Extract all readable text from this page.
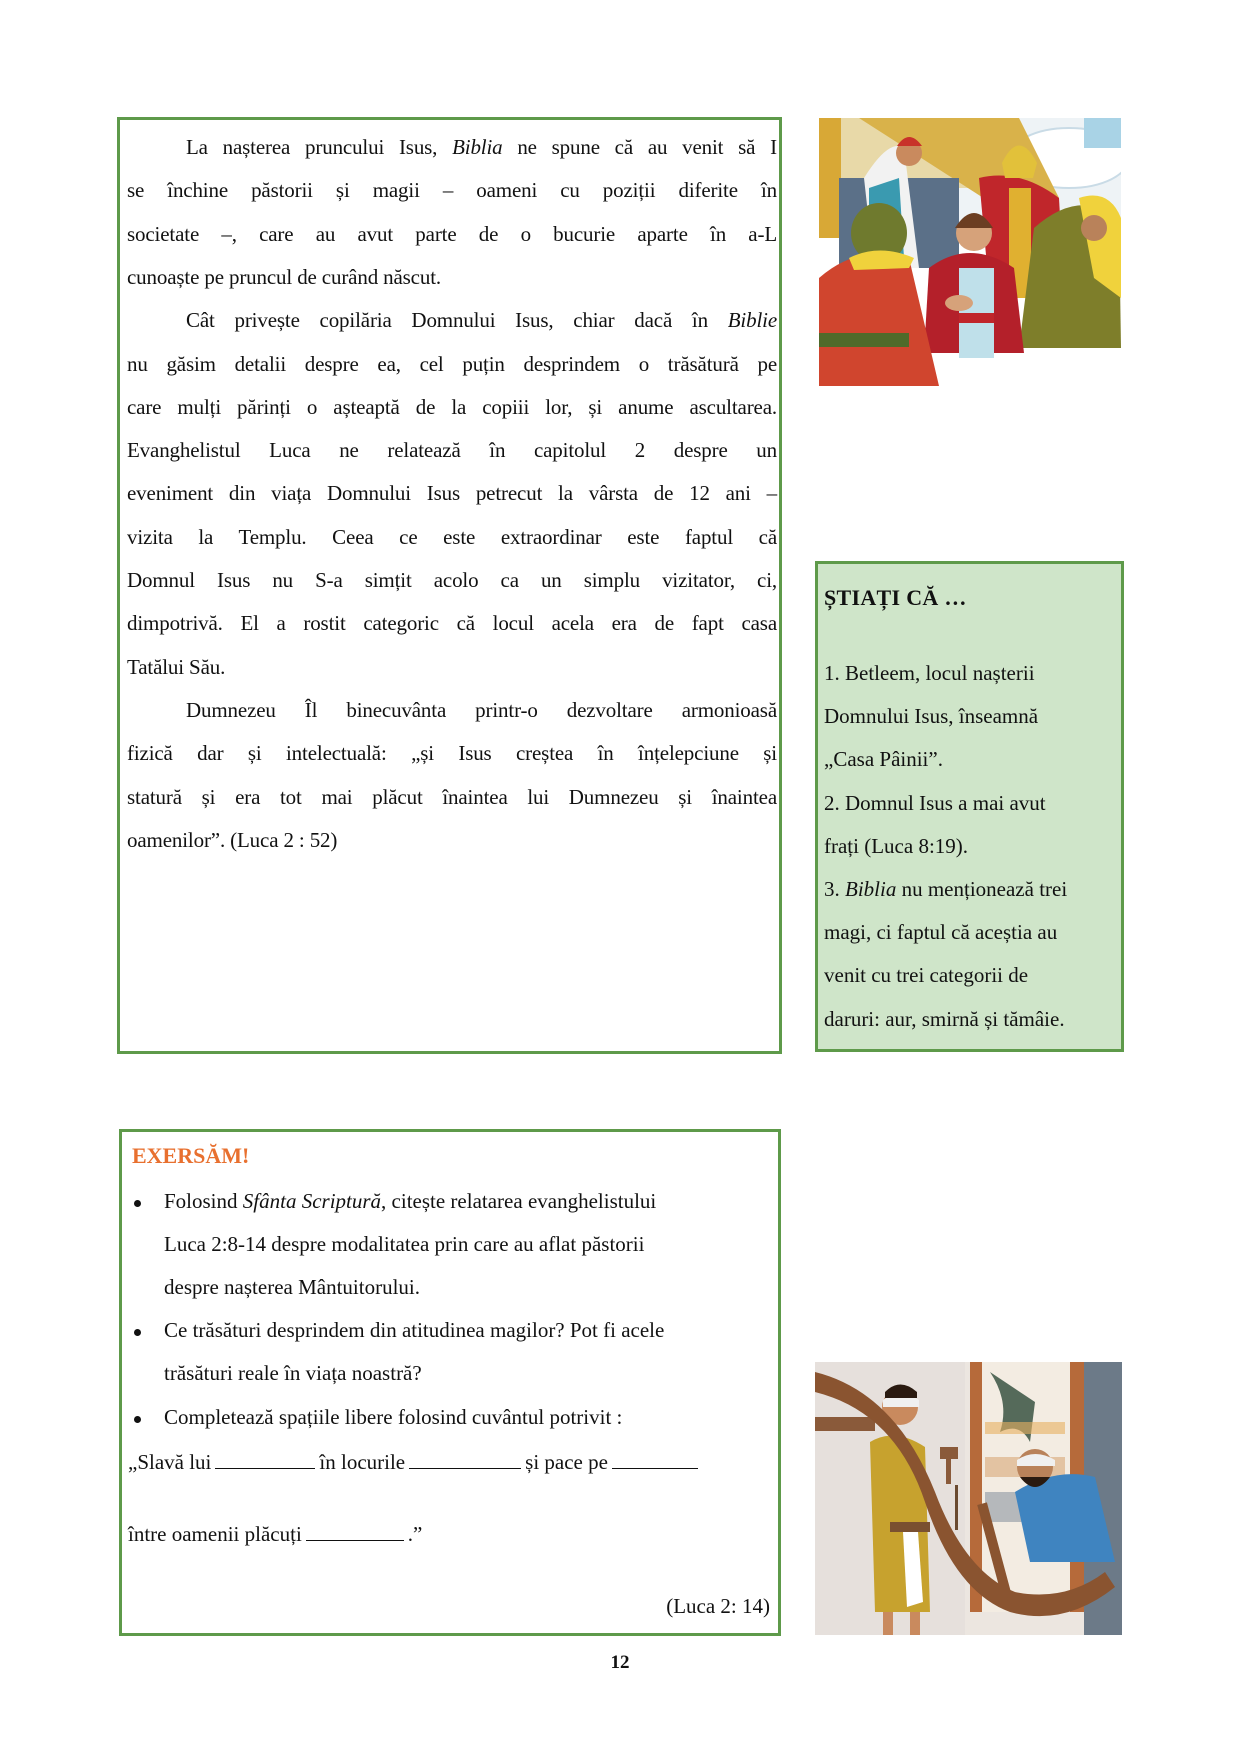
La nașterea pruncului Isus, Biblia ne spune că au venit să I
se închine păstorii și magii – oameni cu poziții diferite în
societate –, care au avut parte de o bucurie aparte în a-L
cunoaște pe pruncul de curând născut.
Cât privește copilăria Domnului Isus, chiar dacă în Biblie
nu găsim detalii despre ea, cel puțin desprindem o trăsătură pe
care mulți părinți o așteaptă de la copiii lor, și anume ascultarea.
Evanghelistul Luca ne relatează în capitolul 2 despre un
eveniment din viața Domnului Isus petrecut la vârsta de 12 ani –
vizita la Templu. Ceea ce este extraordinar este faptul că
Domnul Isus nu S-a simțit acolo ca un simplu vizitator, ci,
dimpotrivă. El a rostit categoric că locul acela era de fapt casa
Tatălui Său.
Dumnezeu Îl binecuvânta printr-o dezvoltare armonioasă
fizică dar și intelectuală: „și Isus creștea în înțelepciune și
statură și era tot mai plăcut înaintea lui Dumnezeu și înaintea
oamenilor”. (Luca 2 : 52)
ȘTIAȚI CĂ …
1. Betleem, locul nașterii
Domnului Isus, înseamnă
„Casa Pâinii”.
2. Domnul Isus a mai avut
frați (Luca 8:19).
3. Biblia nu menționează trei
magi, ci faptul că aceștia au
venit cu trei categorii de
daruri: aur, smirnă și tămâie.
EXERSĂM!
„Slavă lui	în locurile	și pace pe
între oamenii plăcuți	.”
(Luca 2: 14)
Folosind Sfânta Scriptură, citește relatarea evanghelistului
Luca 2:8-14 despre modalitatea prin care au aflat păstorii
despre nașterea Mântuitorului.
Ce trăsături desprindem din atitudinea magilor? Pot fi acele
trăsături reale în viața noastră?
Completează spațiile libere folosind cuvântul potrivit :
12
